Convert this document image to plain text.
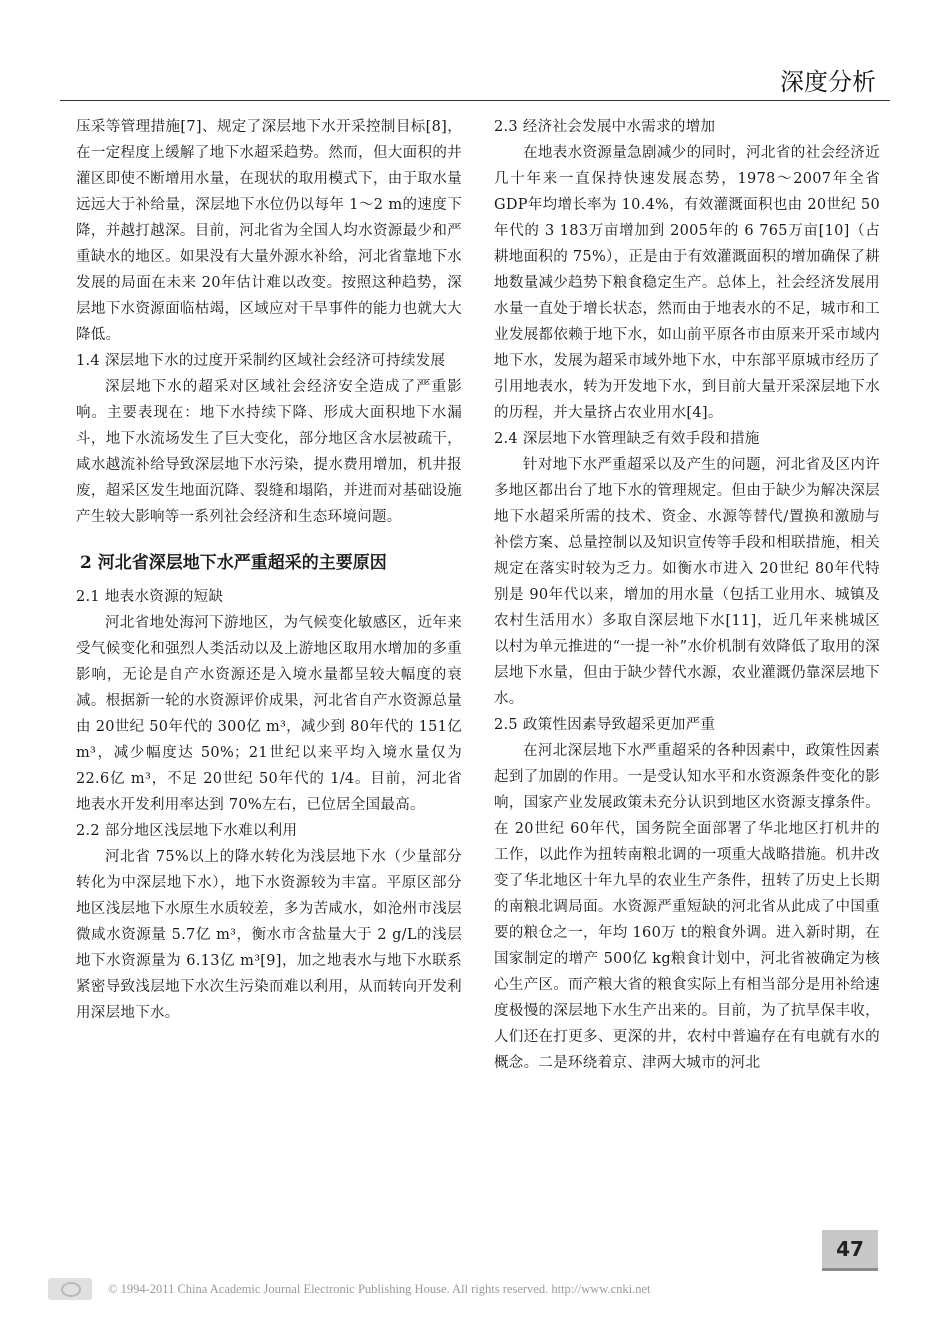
深度分析

压采等管理措施[7]、规定了深层地下水开采控制目标[8]，在一定程度上缓解了地下水超采趋势。然而，但大面积的井灌区即使不断增用水量，在现状的取用模式下，由于取水量远远大于补给量，深层地下水位仍以每年 1～2 m的速度下降，并越打越深。目前，河北省为全国人均水资源最少和严重缺水的地区。如果没有大量外源水补给，河北省靠地下水发展的局面在未来 20年估计难以改变。按照这种趋势，深层地下水资源面临枯竭，区域应对干旱事件的能力也就大大降低。

1.4 深层地下水的过度开采制约区域社会经济可持续发展

深层地下水的超采对区域社会经济安全造成了严重影响。主要表现在：地下水持续下降、形成大面积地下水漏斗，地下水流场发生了巨大变化，部分地区含水层被疏干，咸水越流补给导致深层地下水污染，提水费用增加，机井报废，超采区发生地面沉降、裂缝和塌陷，并进而对基础设施产生较大影响等一系列社会经济和生态环境问题。

2 河北省深层地下水严重超采的主要原因

2.1 地表水资源的短缺

河北省地处海河下游地区，为气候变化敏感区，近年来受气候变化和强烈人类活动以及上游地区取用水增加的多重影响，无论是自产水资源还是入境水量都呈较大幅度的衰减。根据新一轮的水资源评价成果，河北省自产水资源总量由 20世纪 50年代的 300亿 m³，减少到 80年代的 151亿 m³，减少幅度达 50%；21世纪以来平均入境水量仅为 22.6亿 m³，不足 20世纪 50年代的 1/4。目前，河北省地表水开发利用率达到 70%左右，已位居全国最高。

2.2 部分地区浅层地下水难以利用

河北省 75%以上的降水转化为浅层地下水（少量部分转化为中深层地下水），地下水资源较为丰富。平原区部分地区浅层地下水原生水质较差，多为苦咸水，如沧州市浅层微咸水资源量 5.7亿 m³，衡水市含盐量大于 2 g/L的浅层地下水资源量为 6.13亿 m³[9]，加之地表水与地下水联系紧密导致浅层地下水次生污染而难以利用，从而转向开发利用深层地下水。

2.3 经济社会发展中水需求的增加

在地表水资源量急剧减少的同时，河北省的社会经济近几十年来一直保持快速发展态势，1978～2007年全省 GDP年均增长率为 10.4%，有效灌溉面积也由 20世纪 50年代的 3 183万亩增加到 2005年的 6 765万亩[10]（占耕地面积的 75%），正是由于有效灌溉面积的增加确保了耕地数量减少趋势下粮食稳定生产。总体上，社会经济发展用水量一直处于增长状态，然而由于地表水的不足，城市和工业发展都依赖于地下水，如山前平原各市由原来开采市域内地下水，发展为超采市域外地下水，中东部平原城市经历了引用地表水，转为开发地下水，到目前大量开采深层地下水的历程，并大量挤占农业用水[4]。

2.4 深层地下水管理缺乏有效手段和措施

针对地下水严重超采以及产生的问题，河北省及区内许多地区都出台了地下水的管理规定。但由于缺少为解决深层地下水超采所需的技术、资金、水源等替代/置换和激励与补偿方案、总量控制以及知识宣传等手段和相联措施，相关规定在落实时较为乏力。如衡水市进入 20世纪 80年代特别是 90年代以来，增加的用水量（包括工业用水、城镇及农村生活用水）多取自深层地下水[11]，近几年来桃城区以村为单元推进的“一提一补”水价机制有效降低了取用的深层地下水量，但由于缺少替代水源，农业灌溉仍靠深层地下水。

2.5 政策性因素导致超采更加严重

在河北深层地下水严重超采的各种因素中，政策性因素起到了加剧的作用。一是受认知水平和水资源条件变化的影响，国家产业发展政策未充分认识到地区水资源支撑条件。在 20世纪 60年代，国务院全面部署了华北地区打机井的工作，以此作为扭转南粮北调的一项重大战略措施。机井改变了华北地区十年九旱的农业生产条件，扭转了历史上长期的南粮北调局面。水资源严重短缺的河北省从此成了中国重要的粮仓之一，年均 160万 t的粮食外调。进入新时期，在国家制定的增产 500亿 kg粮食计划中，河北省被确定为核心生产区。而产粮大省的粮食实际上有相当部分是用补给速度极慢的深层地下水生产出来的。目前，为了抗旱保丰收，人们还在打更多、更深的井，农村中普遍存在有电就有水的概念。二是环绕着京、津两大城市的河北

47
© 1994-2011 China Academic Journal Electronic Publishing House. All rights reserved. http://www.cnki.net
